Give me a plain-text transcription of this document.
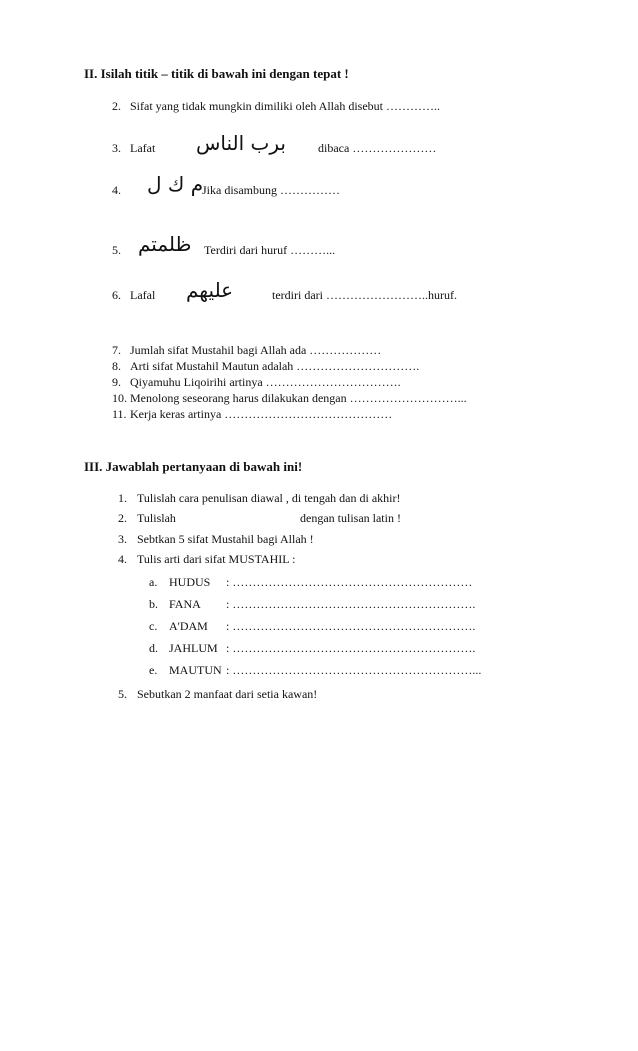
II. Isilah titik – titik di bawah ini dengan tepat !
2. Sifat yang tidak mungkin dimiliki oleh Allah disebut …………..
3. Lafat برب الناس	dibaca …………………
4. م ك ل
Jika disambung ……………
5. ظلمتم Terdiri dari huruf ………...
6. Lafal عليهم	terdiri dari ……………………..huruf.
7. Jumlah sifat Mustahil bagi Allah ada ………………
8. Arti sifat Mustahil Mautun adalah ………………………….
9. Qiyamuhu Liqoirihi artinya …………………………….
10. Menolong seseorang harus dilakukan dengan ………………………...
11. Kerja keras artinya ……………………………………
III. Jawablah pertanyaan di bawah ini!
1. Tulislah cara penulisan diawal , di tengah dan di akhir!
2. Tulislah	dengan tulisan latin !
3. Sebtkan 5 sifat Mustahil bagi Allah !
4. Tulis arti dari sifat MUSTAHIL :
a. HUDUS : ……………………………………………………
b. FANA : …………………………………………………….
c. A'DAM : …………………………………………………….
d. JAHLUM : …………………………………………………….
e. MAUTUN : ……………………………………………………...
5. Sebutkan 2 manfaat dari setia kawan!
